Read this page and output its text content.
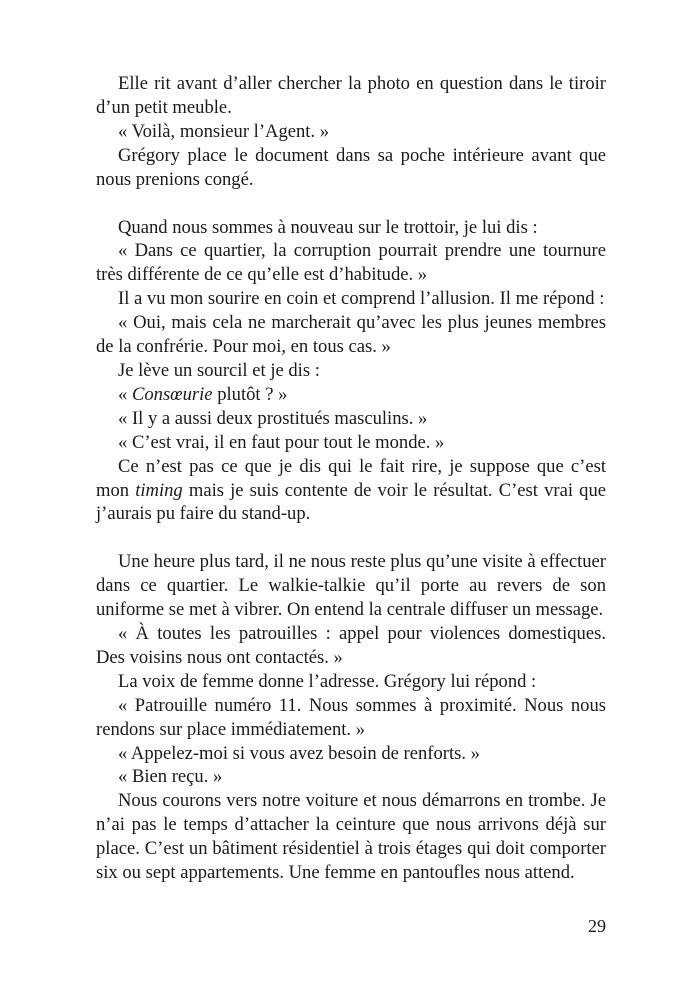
Elle rit avant d’aller chercher la photo en question dans le tiroir d’un petit meuble.

« Voilà, monsieur l’Agent. »

Grégory place le document dans sa poche intérieure avant que nous prenions congé.

Quand nous sommes à nouveau sur le trottoir, je lui dis :

« Dans ce quartier, la corruption pourrait prendre une tournure très différente de ce qu’elle est d’habitude. »

Il a vu mon sourire en coin et comprend l’allusion. Il me répond :

« Oui, mais cela ne marcherait qu’avec les plus jeunes membres de la confrérie. Pour moi, en tous cas. »

Je lève un sourcil et je dis :

« Consœurie plutôt ? »

« Il y a aussi deux prostitués masculins. »

« C’est vrai, il en faut pour tout le monde. »

Ce n’est pas ce que je dis qui le fait rire, je suppose que c’est mon timing mais je suis contente de voir le résultat. C’est vrai que j’aurais pu faire du stand-up.

Une heure plus tard, il ne nous reste plus qu’une visite à effectuer dans ce quartier. Le walkie-talkie qu’il porte au revers de son uniforme se met à vibrer. On entend la centrale diffuser un message.

« À toutes les patrouilles : appel pour violences domestiques. Des voisins nous ont contactés. »

La voix de femme donne l’adresse. Grégory lui répond :

« Patrouille numéro 11. Nous sommes à proximité. Nous nous rendons sur place immédiatement. »

« Appelez-moi si vous avez besoin de renforts. »

« Bien reçu. »

Nous courons vers notre voiture et nous démarrons en trombe. Je n’ai pas le temps d’attacher la ceinture que nous arrivons déjà sur place. C’est un bâtiment résidentiel à trois étages qui doit comporter six ou sept appartements. Une femme en pantoufles nous attend.

29
